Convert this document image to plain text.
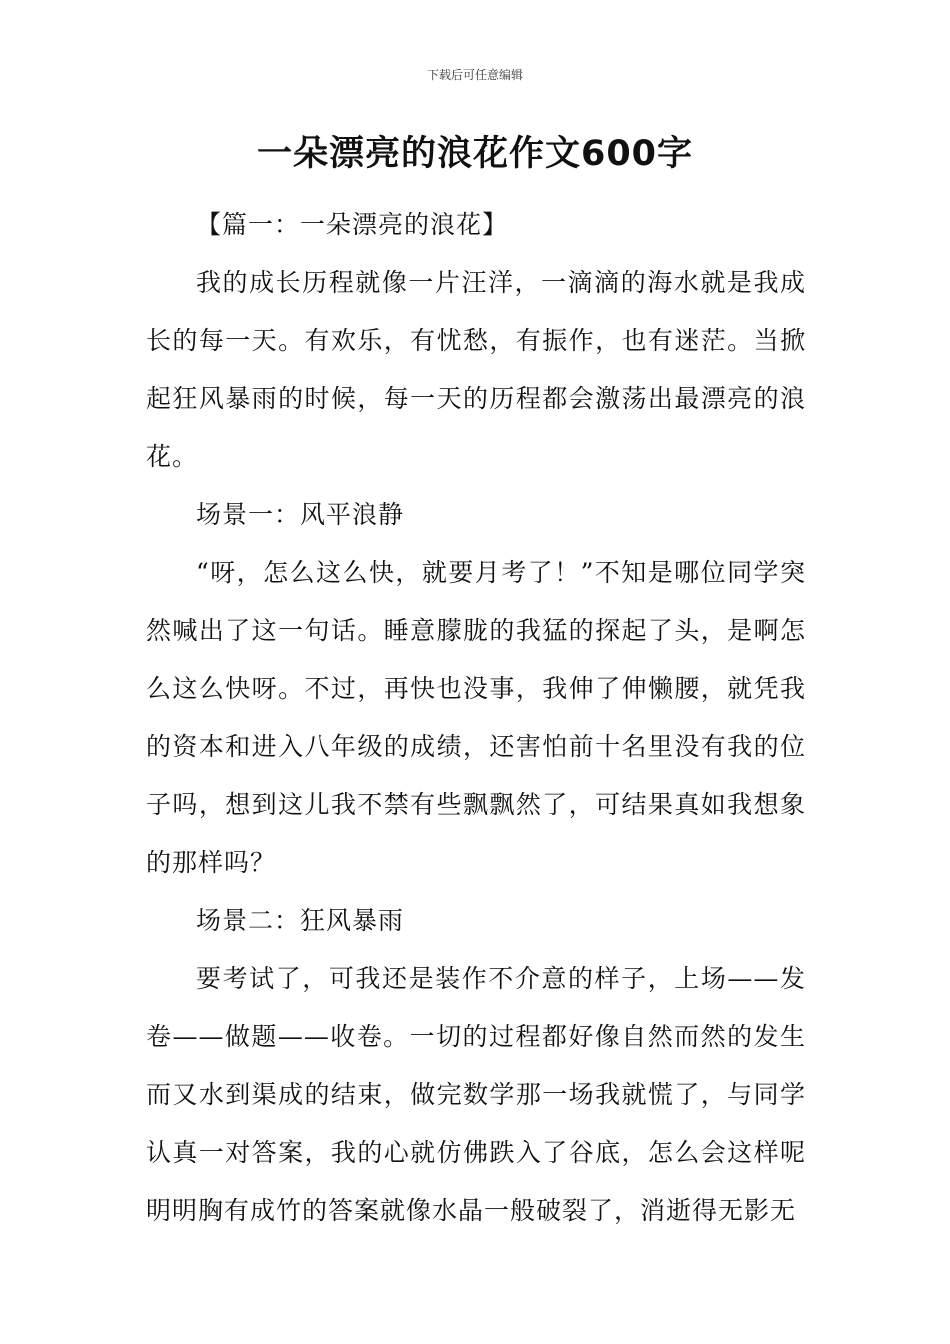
下载后可任意编辑
一朵漂亮的浪花作文600字

【篇一：一朵漂亮的浪花】

我的成长历程就像一片汪洋，一滴滴的海水就是我成长的每一天。有欢乐，有忧愁，有振作，也有迷茫。当掀起狂风暴雨的时候，每一天的历程都会激荡出最漂亮的浪花。

场景一：风平浪静

“呀，怎么这么快，就要月考了！”不知是哪位同学突然喊出了这一句话。睡意朦胧的我猛的探起了头，是啊怎么这么快呀。不过，再快也没事，我伸了伸懒腰，就凭我的资本和进入八年级的成绩，还害怕前十名里没有我的位子吗，想到这儿我不禁有些飘飘然了，可结果真如我想象的那样吗？

场景二：狂风暴雨

要考试了，可我还是装作不介意的样子，上场——发卷——做题——收卷。一切的过程都好像自然而然的发生而又水到渠成的结束，做完数学那一场我就慌了，与同学认真一对答案，我的心就仿佛跌入了谷底，怎么会这样呢明明胸有成竹的答案就像水晶一般破裂了，消逝得无影无
